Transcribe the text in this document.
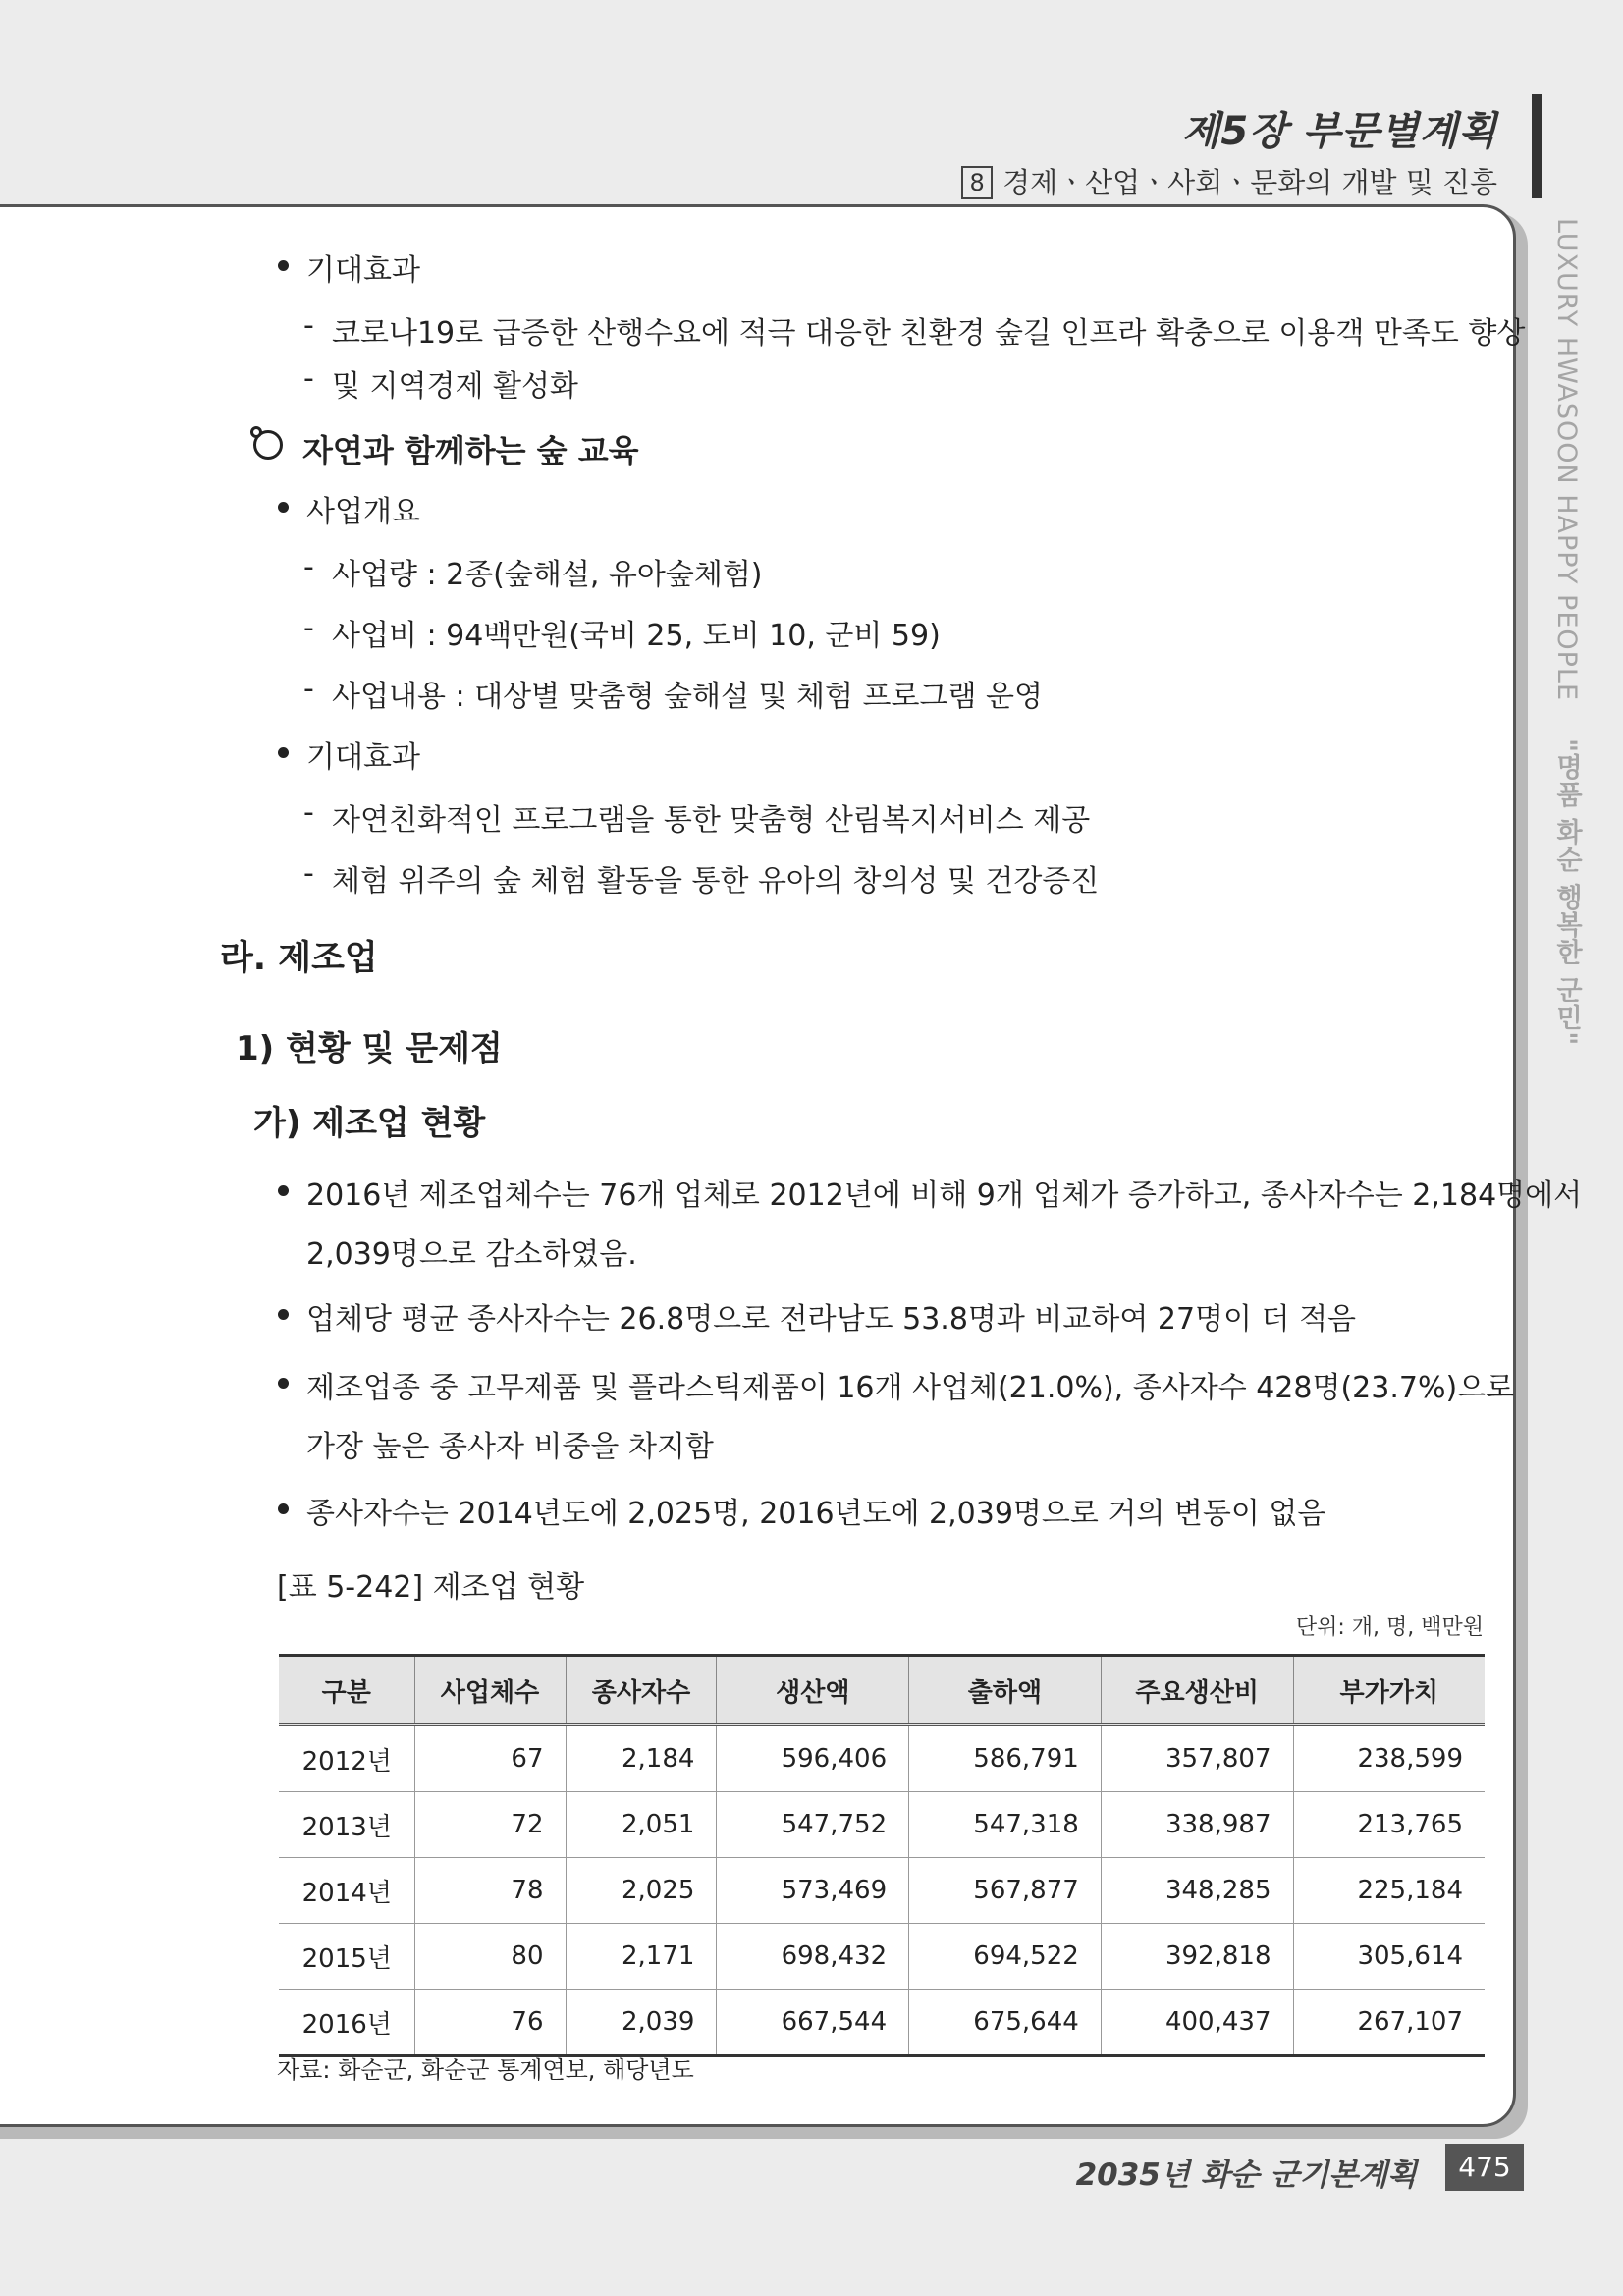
제5장 부문별계획
8 경제ㆍ산업ㆍ사회ㆍ문화의 개발 및 진흥
LUXURY HWASOON HAPPY PEOPLE "명품 화순 행복한 군민"
기대효과
- 코로나19로 급증한 산행수요에 적극 대응한 친환경 숲길 인프라 확충으로 이용객 만족도 향상
및 지역경제 활성화
자연과 함께하는 숲 교육
사업개요
- 사업량 : 2종(숲해설, 유아숲체험)
- 사업비 : 94백만원(국비 25, 도비 10, 군비 59)
- 사업내용 : 대상별 맞춤형 숲해설 및 체험 프로그램 운영
기대효과
- 자연친화적인 프로그램을 통한 맞춤형 산림복지서비스 제공
- 체험 위주의 숲 체험 활동을 통한 유아의 창의성 및 건강증진
라. 제조업
1) 현황 및 문제점
가) 제조업 현황
2016년 제조업체수는 76개 업체로 2012년에 비해 9개 업체가 증가하고, 종사자수는 2,184명에서
2,039명으로 감소하였음.
업체당 평균 종사자수는 26.8명으로 전라남도 53.8명과 비교하여 27명이 더 적음
제조업종 중 고무제품 및 플라스틱제품이 16개 사업체(21.0%), 종사자수 428명(23.7%)으로
가장 높은 종사자 비중을 차지함
종사자수는 2014년도에 2,025명, 2016년도에 2,039명으로 거의 변동이 없음
[표 5-242] 제조업 현황
단위: 개, 명, 백만원
구분	사업체수	종사자수	생산액	출하액	주요생산비	부가가치
2012년	67	2,184	596,406	586,791	357,807	238,599
2013년	72	2,051	547,752	547,318	338,987	213,765
2014년	78	2,025	573,469	567,877	348,285	225,184
2015년	80	2,171	698,432	694,522	392,818	305,614
2016년	76	2,039	667,544	675,644	400,437	267,107
자료: 화순군, 화순군 통계연보, 해당년도
2035년 화순 군기본계획	475
